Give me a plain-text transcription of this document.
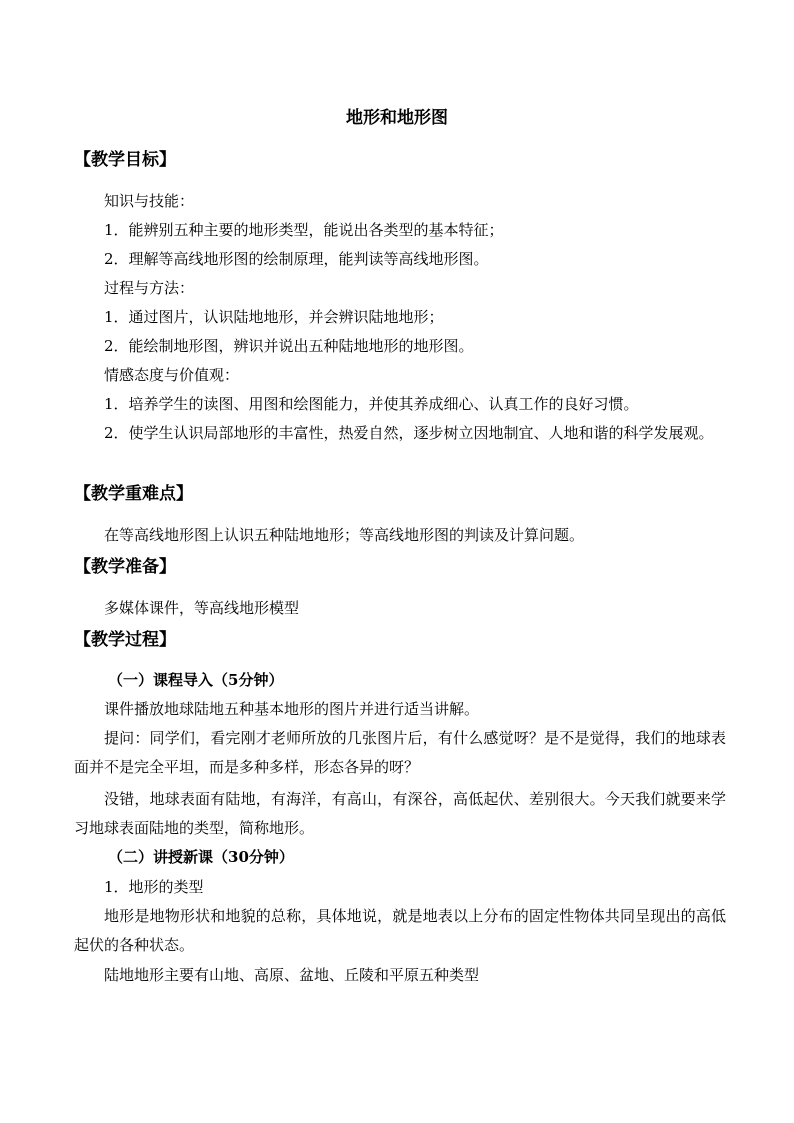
地形和地形图
【教学目标】
知识与技能：
1．能辨别五种主要的地形类型，能说出各类型的基本特征；
2．理解等高线地形图的绘制原理，能判读等高线地形图。
过程与方法：
1．通过图片，认识陆地地形，并会辨识陆地地形；
2．能绘制地形图，辨识并说出五种陆地地形的地形图。
情感态度与价值观：
1．培养学生的读图、用图和绘图能力，并使其养成细心、认真工作的良好习惯。
2．使学生认识局部地形的丰富性，热爱自然，逐步树立因地制宜、人地和谐的科学发展观。
【教学重难点】
在等高线地形图上认识五种陆地地形；等高线地形图的判读及计算问题。
【教学准备】
多媒体课件，等高线地形模型
【教学过程】
（一）课程导入（5分钟）
课件播放地球陆地五种基本地形的图片并进行适当讲解。
提问：同学们，看完刚才老师所放的几张图片后，有什么感觉呀？是不是觉得，我们的地球表面并不是完全平坦，而是多种多样，形态各异的呀？
没错，地球表面有陆地，有海洋，有高山，有深谷，高低起伏、差别很大。今天我们就要来学习地球表面陆地的类型，简称地形。
（二）讲授新课（30分钟）
1．地形的类型
地形是地物形状和地貌的总称，具体地说，就是地表以上分布的固定性物体共同呈现出的高低起伏的各种状态。
陆地地形主要有山地、高原、盆地、丘陵和平原五种类型
